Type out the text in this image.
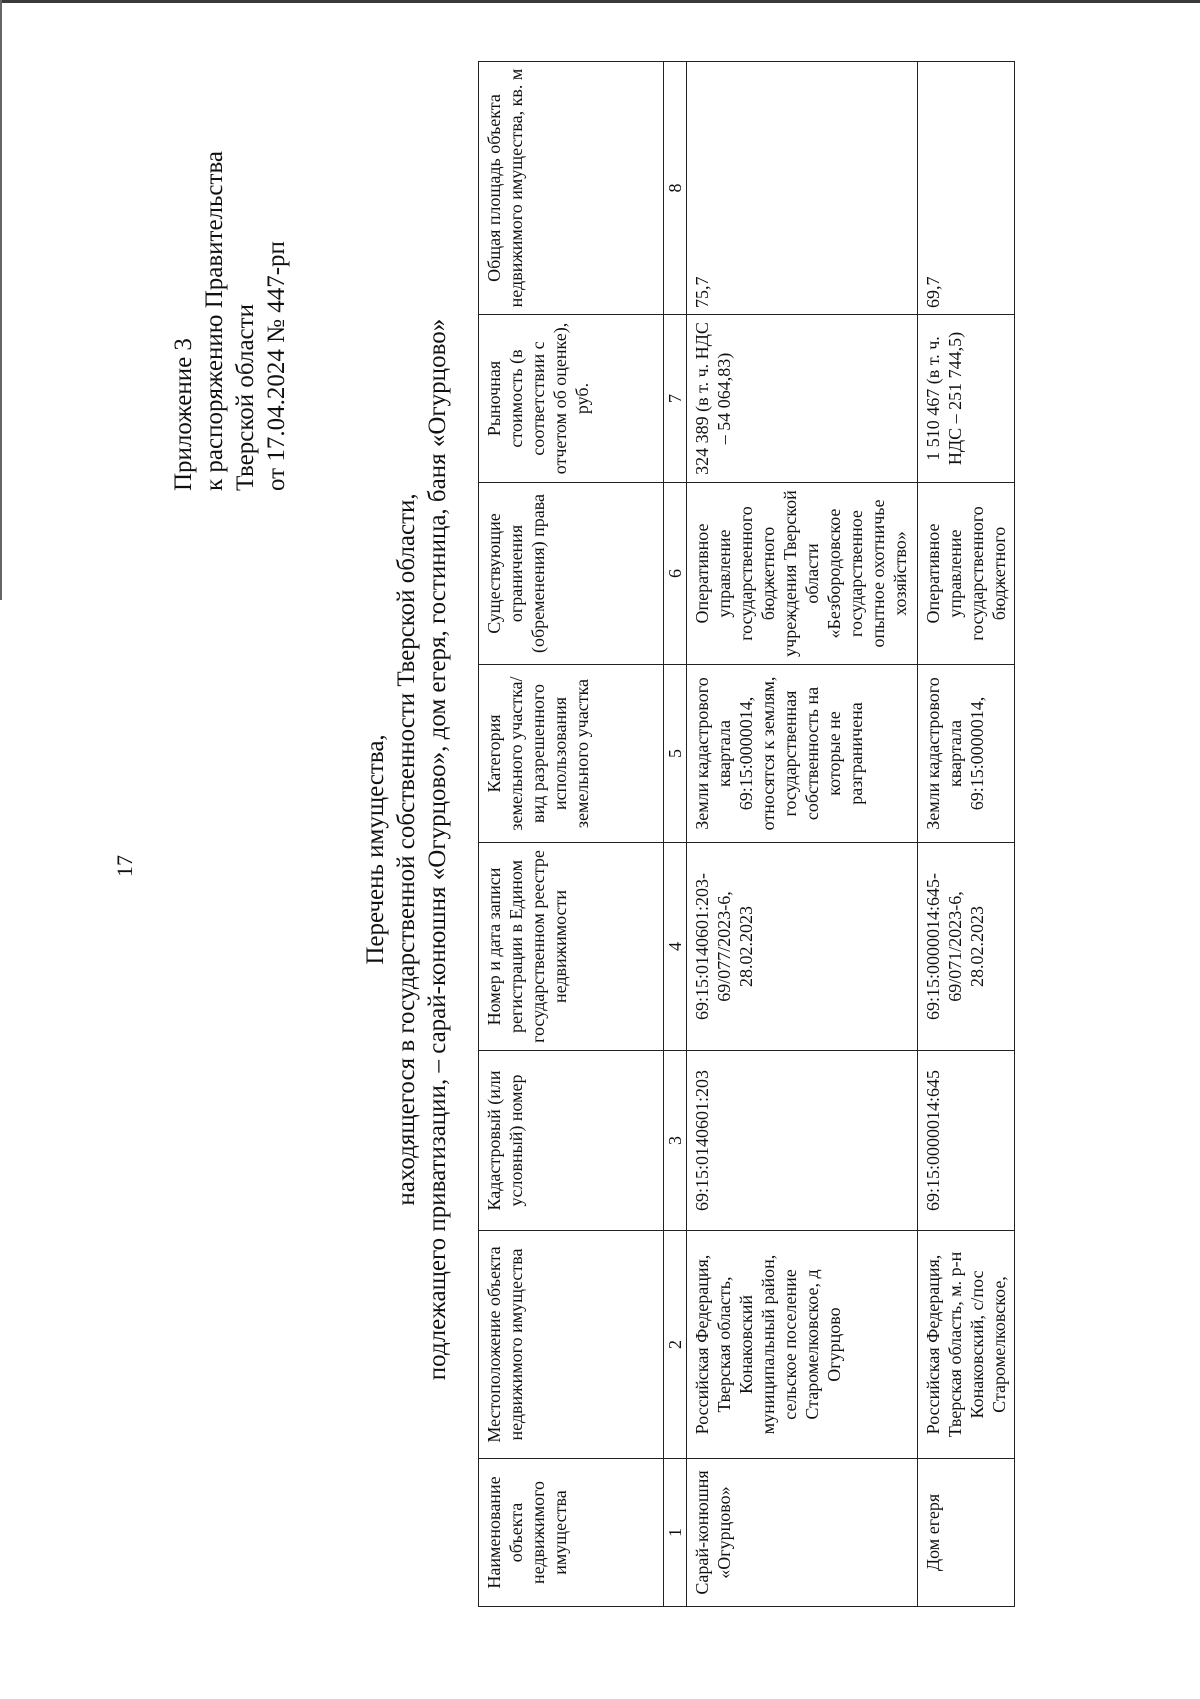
17
Приложение 3 к распоряжению Правительства Тверской области от 17.04.2024 № 447-рп
Перечень имущества, находящегося в государственной собственности Тверской области, подлежащего приватизации, – сарай-конюшня «Огурцово», дом егеря, гостиница, баня «Огурцово»
Наименование объекта недвижимого имущества	Местоположение объекта недвижимого имущества	Кадастровый (или условный) номер	Номер и дата записи регистрации в Едином государственном реестре недвижимости	Категория земельного участка/вид разрешенного использования земельного участка	Существующие ограничения (обременения) права	Рыночная стоимость (в соответствии с отчетом об оценке), руб.	Общая площадь объекта недвижимого имущества, кв. м
1	2	3	4	5	6	7	8
Сарай-конюшня «Огурцово»	Российская Федерация, Тверская область, Конаковский муниципальный район, сельское поселение Старомелковское, д Огурцово	69:15:0140601:203	69:15:0140601:203-69/077/2023-6, 28.02.2023	Земли кадастрового квартала 69:15:0000014, относятся к землям, государственная собственность на которые не разграничена	Оперативное управление государственного бюджетного учреждения Тверской области «Безбородовское государственное опытное охотничье хозяйство»	324 389 (в т. ч. НДС – 54 064,83)	75,7
Дом егеря	Российская Федерация, Тверская область, м. р-н Конаковский, с/пос Старомелковское,	69:15:0000014:645	69:15:0000014:645-69/071/2023-6, 28.02.2023	Земли кадастрового квартала 69:15:0000014,	Оперативное управление государственного бюджетного	1 510 467 (в т. ч. НДС – 251 744,5)	69,7
